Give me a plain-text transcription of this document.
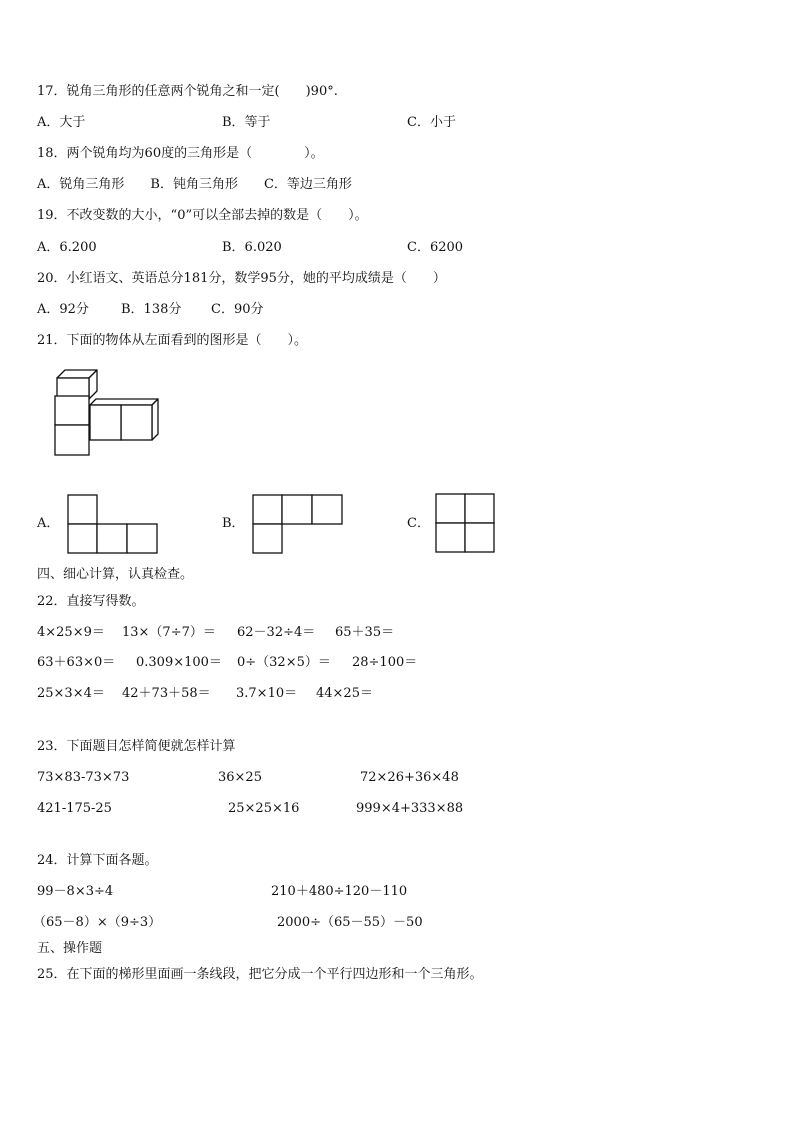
17．锐角三角形的任意两个锐角之和一定(　　)90°.
A．大于	B．等于	C．小于
18．两个锐角均为60度的三角形是（　　　　）。
A．锐角三角形　　B．钝角三角形　　C．等边三角形
19．不改变数的大小，“0”可以全部去掉的数是（　　）。
A．6.200	B．6.020	C．6200
20．小红语文、英语总分181分，数学95分，她的平均成绩是（　　）
A．92分 B．138分 C．90分
21．下面的物体从左面看到的图形是（　　）。
A．	B．	C．
四、细心计算，认真检查。
22．直接写得数。
4×25×9＝ 13×（7÷7）＝ 62－32÷4＝ 65＋35＝
63＋63×0＝ 0.309×100＝ 0÷（32×5）＝ 28÷100＝
25×3×4＝ 42＋73＋58＝ 3.7×10＝ 44×25＝
23．下面题目怎样简便就怎样计算
73×83-73×73	36×25	72×26+36×48
421-175-25	25×25×16	999×4+333×88
24．计算下面各题。
99－8×3÷4	210＋480÷120－110
（65－8）×（9÷3）	2000÷（65－55）－50
五、操作题
25．在下面的梯形里面画一条线段，把它分成一个平行四边形和一个三角形。
